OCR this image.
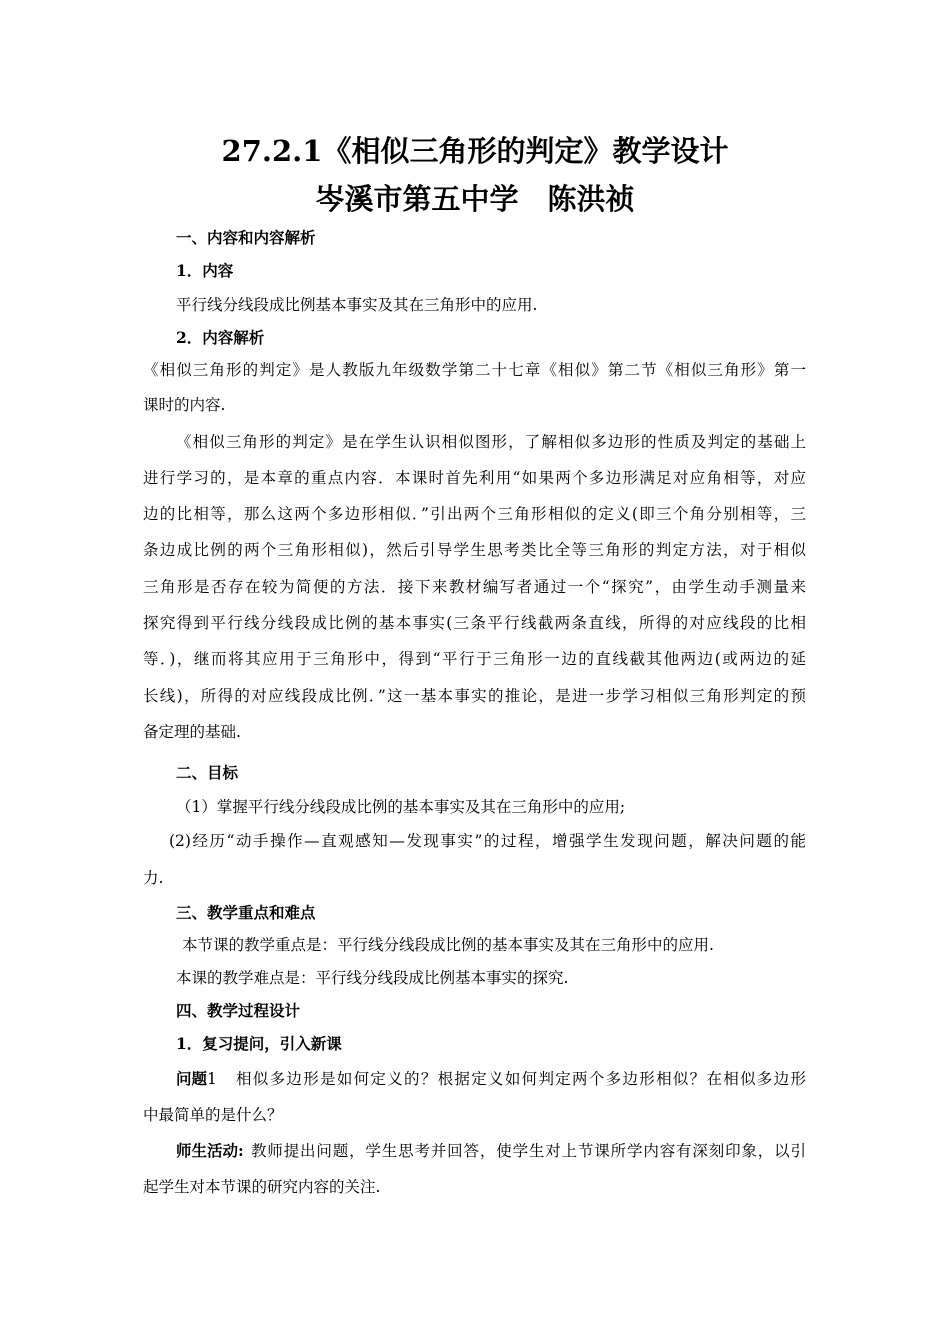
27.2.1《相似三角形的判定》教学设计
岑溪市第五中学　陈洪祯
一、内容和内容解析
1．内容
平行线分线段成比例基本事实及其在三角形中的应用.
2．内容解析
《相似三角形的判定》是人教版九年级数学第二十七章《相似》第二节《相似三角形》第一
课时的内容.
《相似三角形的判定》是在学生认识相似图形，了解相似多边形的性质及判定的基础上
进行学习的，是本章的重点内容．本课时首先利用“如果两个多边形满足对应角相等，对应
边的比相等，那么这两个多边形相似．”引出两个三角形相似的定义(即三个角分别相等，三
条边成比例的两个三角形相似)，然后引导学生思考类比全等三角形的判定方法，对于相似
三角形是否存在较为简便的方法．接下来教材编写者通过一个“探究”，由学生动手测量来
探究得到平行线分线段成比例的基本事实(三条平行线截两条直线，所得的对应线段的比相
等．)，继而将其应用于三角形中，得到“平行于三角形一边的直线截其他两边(或两边的延
长线)，所得的对应线段成比例．”这一基本事实的推论，是进一步学习相似三角形判定的预
备定理的基础.
二、目标
（1）掌握平行线分线段成比例的基本事实及其在三角形中的应用;
(2)经历“动手操作—直观感知—发现事实”的过程，增强学生发现问题，解决问题的能
力.
三、教学重点和难点
本节课的教学重点是：平行线分线段成比例的基本事实及其在三角形中的应用.
本课的教学难点是：平行线分线段成比例基本事实的探究.
四、教学过程设计
1．复习提问，引入新课
问题1 相似多边形是如何定义的？根据定义如何判定两个多边形相似？在相似多边形
中最简单的是什么？
师生活动: 教师提出问题，学生思考并回答，使学生对上节课所学内容有深刻印象，以引
起学生对本节课的研究内容的关注.
